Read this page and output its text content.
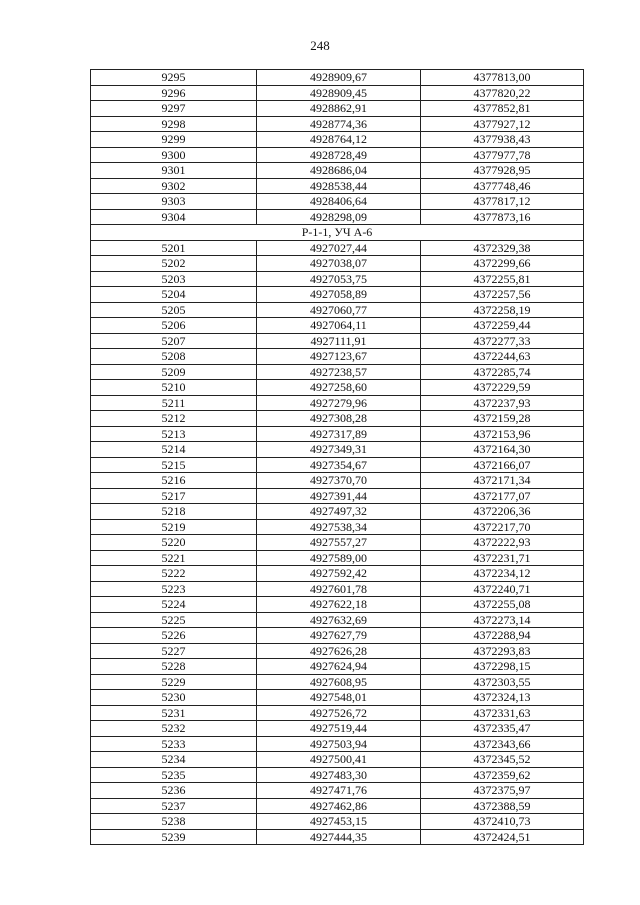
248
9295	4928909,67	4377813,00
9296	4928909,45	4377820,22
9297	4928862,91	4377852,81
9298	4928774,36	4377927,12
9299	4928764,12	4377938,43
9300	4928728,49	4377977,78
9301	4928686,04	4377928,95
9302	4928538,44	4377748,46
9303	4928406,64	4377817,12
9304	4928298,09	4377873,16
Р-1-1, УЧ А-6		
5201	4927027,44	4372329,38
5202	4927038,07	4372299,66
5203	4927053,75	4372255,81
5204	4927058,89	4372257,56
5205	4927060,77	4372258,19
5206	4927064,11	4372259,44
5207	4927111,91	4372277,33
5208	4927123,67	4372244,63
5209	4927238,57	4372285,74
5210	4927258,60	4372229,59
5211	4927279,96	4372237,93
5212	4927308,28	4372159,28
5213	4927317,89	4372153,96
5214	4927349,31	4372164,30
5215	4927354,67	4372166,07
5216	4927370,70	4372171,34
5217	4927391,44	4372177,07
5218	4927497,32	4372206,36
5219	4927538,34	4372217,70
5220	4927557,27	4372222,93
5221	4927589,00	4372231,71
5222	4927592,42	4372234,12
5223	4927601,78	4372240,71
5224	4927622,18	4372255,08
5225	4927632,69	4372273,14
5226	4927627,79	4372288,94
5227	4927626,28	4372293,83
5228	4927624,94	4372298,15
5229	4927608,95	4372303,55
5230	4927548,01	4372324,13
5231	4927526,72	4372331,63
5232	4927519,44	4372335,47
5233	4927503,94	4372343,66
5234	4927500,41	4372345,52
5235	4927483,30	4372359,62
5236	4927471,76	4372375,97
5237	4927462,86	4372388,59
5238	4927453,15	4372410,73
5239	4927444,35	4372424,51
